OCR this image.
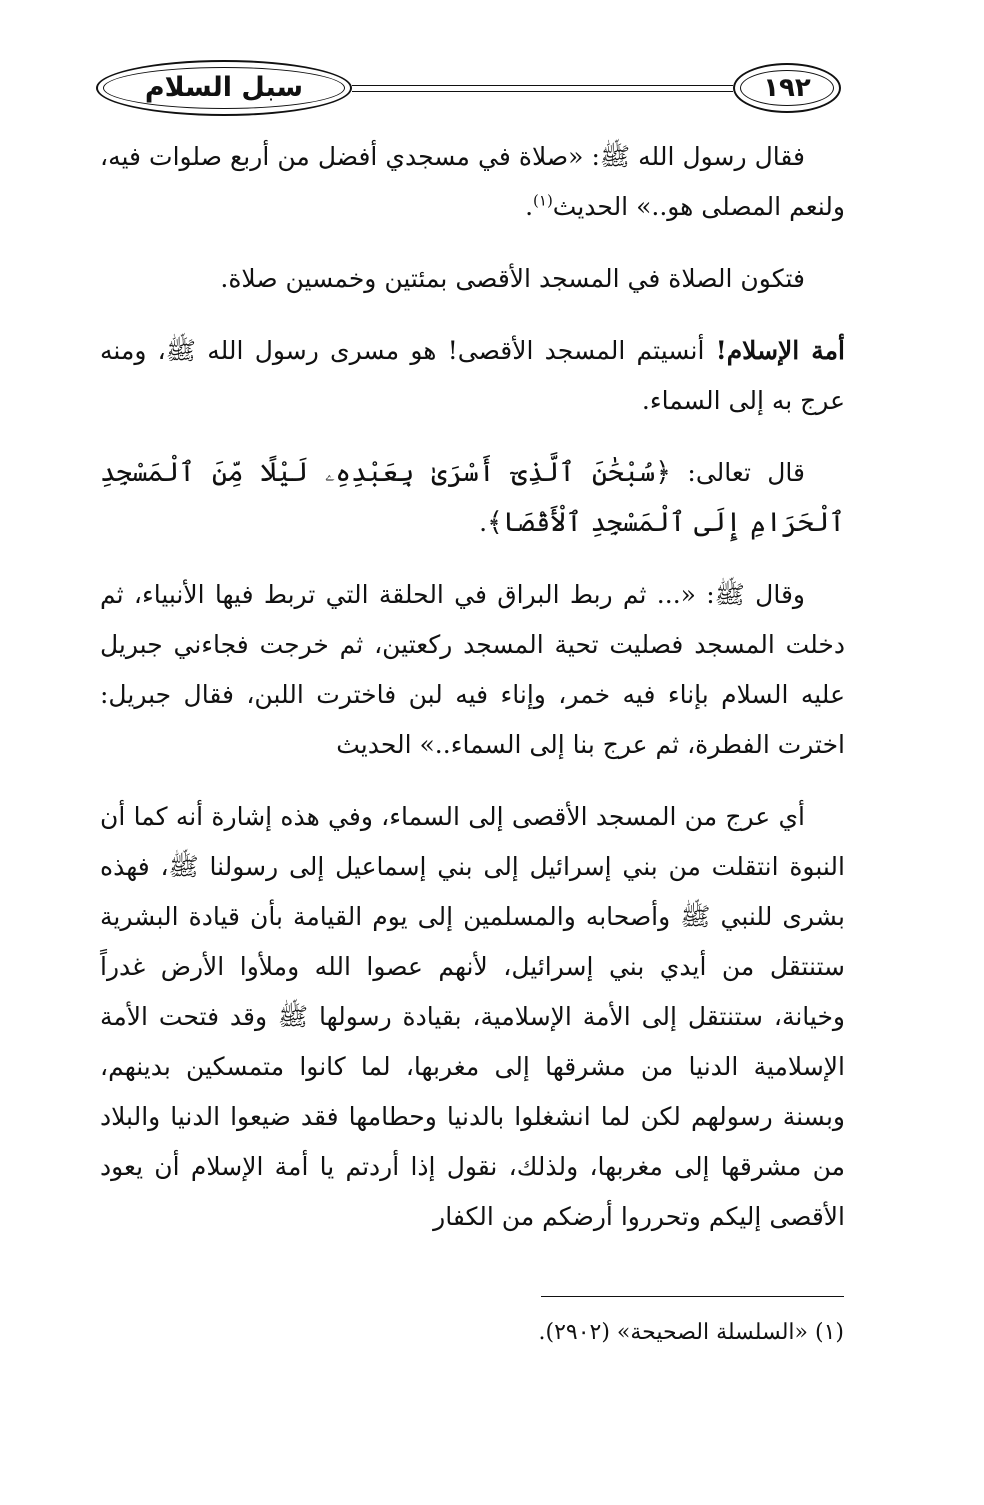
سبل السلام	١٩٢

فقال رسول الله ﷺ: «صلاة في مسجدي أفضل من أربع صلوات فيه، ولنعم المصلى هو..» الحديث$^{(١)}$.

فتكون الصلاة في المسجد الأقصى بمئتين وخمسين صلاة.

أمة الإسلام! أنسيتم المسجد الأقصى! هو مسرى رسول الله ﷺ، ومنه عرج به إلى السماء.

قال تعالى: ﴿سُبْحَٰنَ ٱلَّذِىٓ أَسْرَىٰ بِعَبْدِهِۦ لَيْلًا مِّنَ ٱلْمَسْجِدِ ٱلْحَرَامِ إِلَى ٱلْمَسْجِدِ ٱلْأَقْصَا﴾.

وقال ﷺ: «... ثم ربط البراق في الحلقة التي تربط فيها الأنبياء، ثم دخلت المسجد فصليت تحية المسجد ركعتين، ثم خرجت فجاءني جبريل عليه السلام بإناء فيه خمر، وإناء فيه لبن فاخترت اللبن، فقال جبريل: اخترت الفطرة، ثم عرج بنا إلى السماء..» الحديث

أي عرج من المسجد الأقصى إلى السماء، وفي هذه إشارة أنه كما أن النبوة انتقلت من بني إسرائيل إلى بني إسماعيل إلى رسولنا ﷺ، فهذه بشرى للنبي ﷺ وأصحابه والمسلمين إلى يوم القيامة بأن قيادة البشرية ستنتقل من أيدي بني إسرائيل، لأنهم عصوا الله وملأوا الأرض غدراً وخيانة، ستنتقل إلى الأمة الإسلامية، بقيادة رسولها ﷺ وقد فتحت الأمة الإسلامية الدنيا من مشرقها إلى مغربها، لما كانوا متمسكين بدينهم، وبسنة رسولهم لكن لما انشغلوا بالدنيا وحطامها فقد ضيعوا الدنيا والبلاد من مشرقها إلى مغربها، ولذلك، نقول إذا أردتم يا أمة الإسلام أن يعود الأقصى إليكم وتحرروا أرضكم من الكفار

(١) «السلسلة الصحيحة» (٢٩٠٢).
